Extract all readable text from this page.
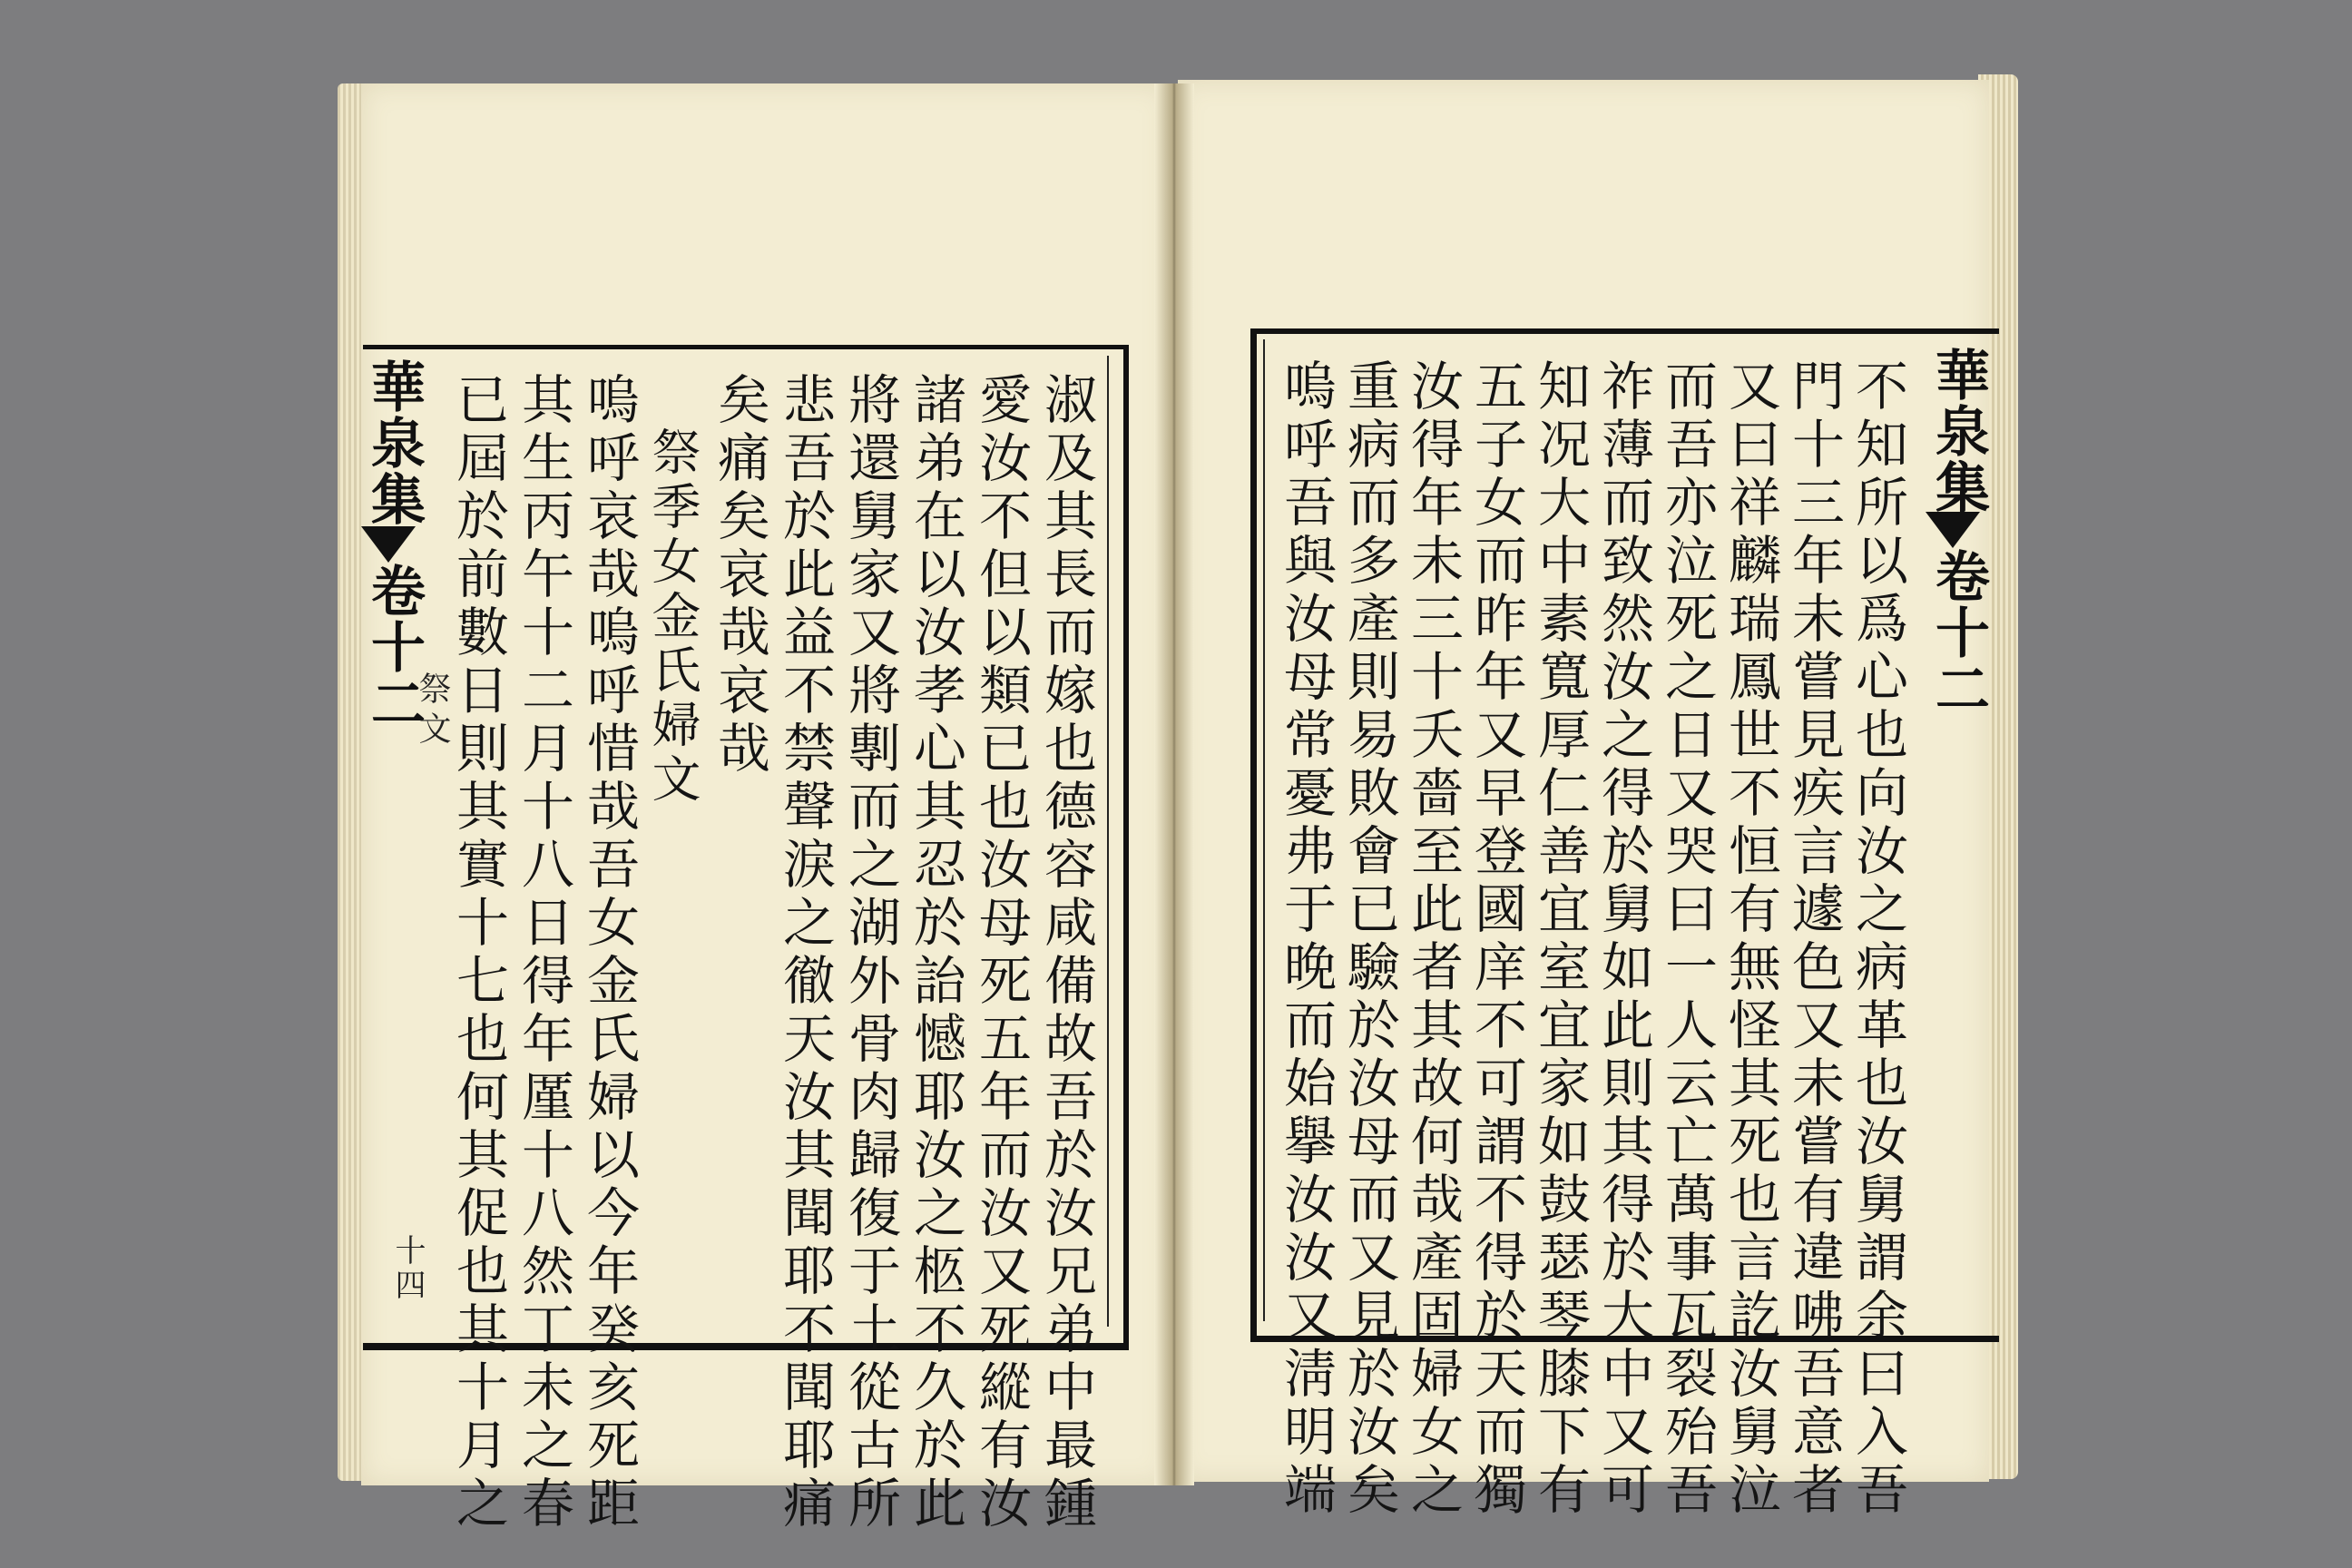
華泉集
卷十二
祭文
十四	淑及其長而嫁也德容咸備故吾於汝兄弟中最鍾
愛汝不但以類已也汝母死五年而汝又死縱有汝
諸弟在以汝孝心其忍於詒憾耶汝之柩不久於此
將還舅家又將剸而之湖外骨肉歸復于土從古所
悲吾於此益不禁聲淚之徹天汝其聞耶不聞耶痛
矣痛矣哀哉哀哉
祭季女金氏婦文
嗚呼哀哉嗚呼惜哉吾女金氏婦以今年癸亥死距
其生丙午十二月十八日得年厪十八然丁未之春
已屆於前數日則其實十七也何其促也其十月之	華泉集
卷十二
不知所以爲心也向汝之病革也汝舅謂余曰入吾
門十三年未嘗見疾言遽色又未嘗有違咈吾意者
又曰祥麟瑞鳳世不恒有無怪其死也言訖汝舅泣
而吾亦泣死之日又哭曰一人云亡萬事瓦裂殆吾
祚薄而致然汝之得於舅如此則其得於大中又可
知况大中素寬厚仁善宜室宜家如鼓瑟琴膝下有
五子女而昨年又早登國庠不可謂不得於天而獨
汝得年未三十夭嗇至此者其故何哉產固婦女之
重病而多產則易敗會已驗於汝母而又見於汝矣
嗚呼吾與汝母常憂弗于晚而始擧汝汝又淸明端
